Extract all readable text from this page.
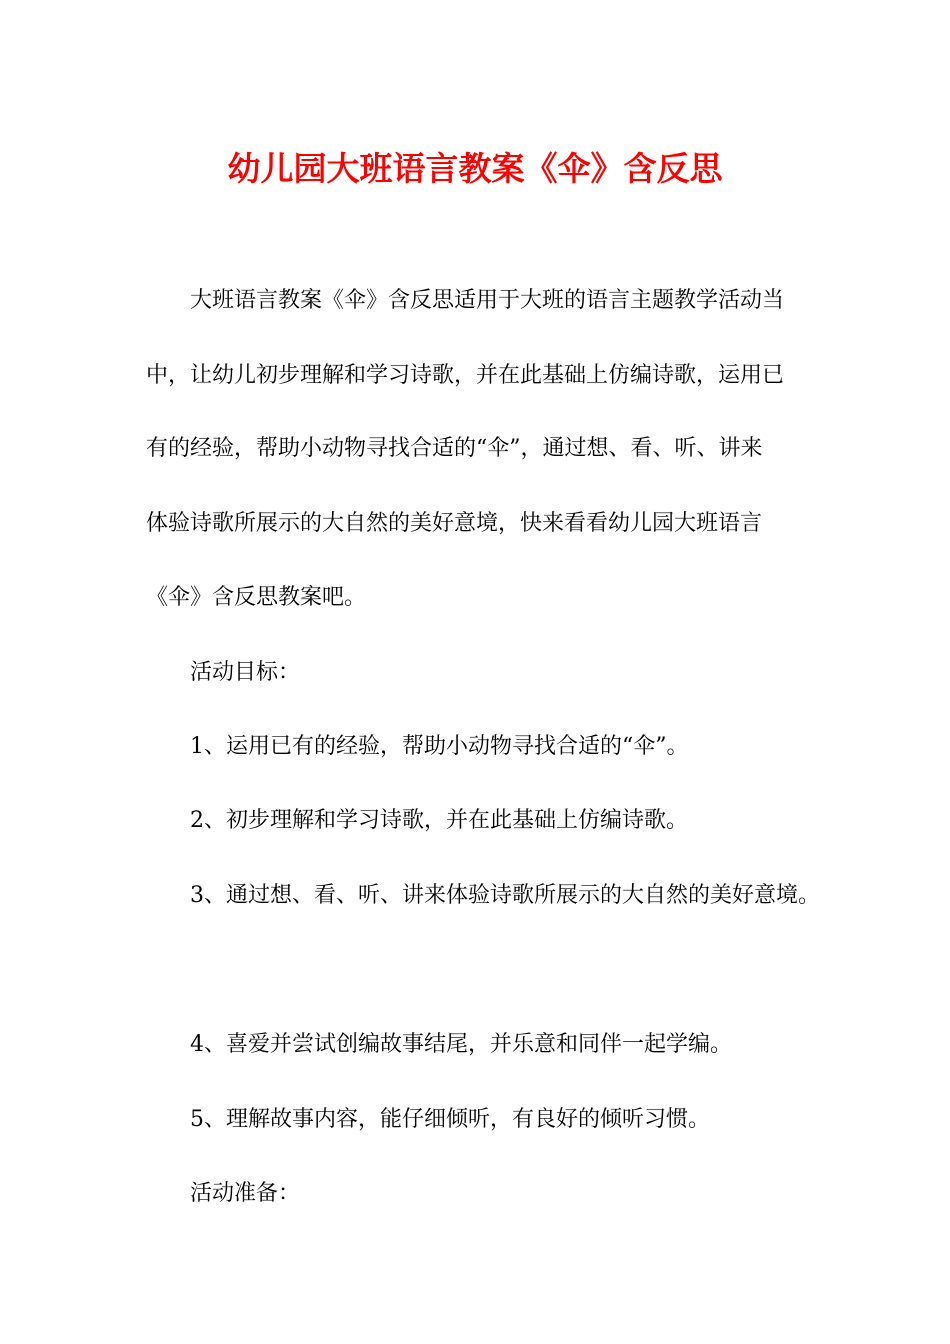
幼儿园大班语言教案《伞》含反思

大班语言教案《伞》含反思适用于大班的语言主题教学活动当

中，让幼儿初步理解和学习诗歌，并在此基础上仿编诗歌，运用已

有的经验，帮助小动物寻找合适的“伞”，通过想、看、听、讲来

体验诗歌所展示的大自然的美好意境，快来看看幼儿园大班语言

《伞》含反思教案吧。

活动目标：

1、运用已有的经验，帮助小动物寻找合适的“伞”。

2、初步理解和学习诗歌，并在此基础上仿编诗歌。

3、通过想、看、听、讲来体验诗歌所展示的大自然的美好意境。

4、喜爱并尝试创编故事结尾，并乐意和同伴一起学编。

5、理解故事内容，能仔细倾听，有良好的倾听习惯。

活动准备：
